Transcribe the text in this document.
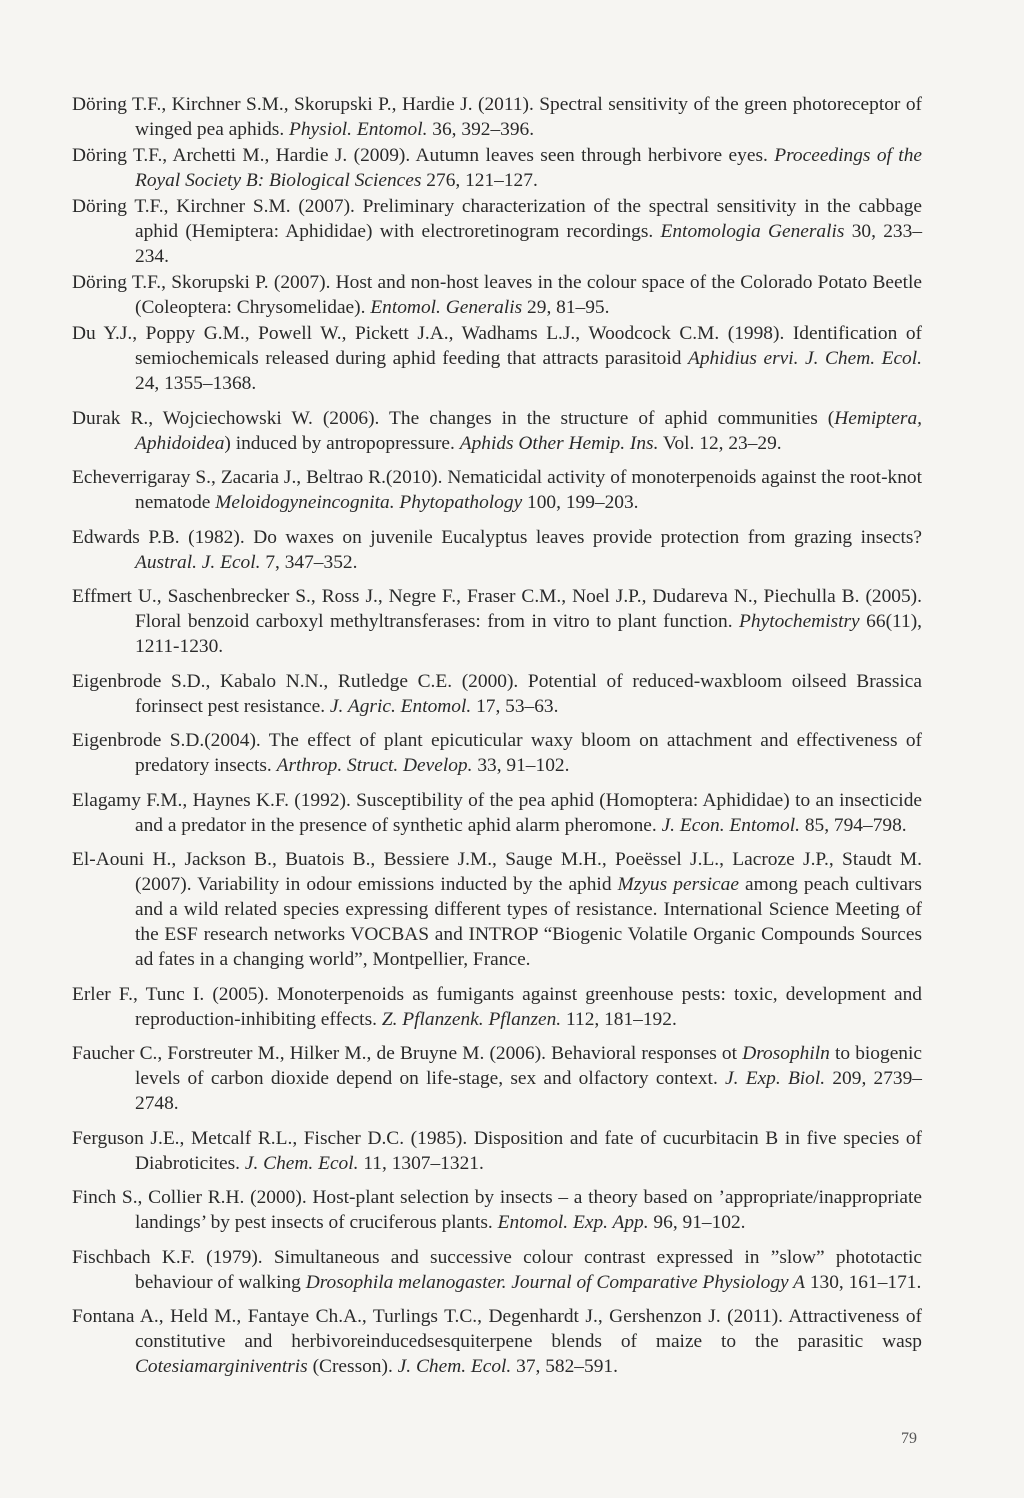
Döring T.F., Kirchner S.M., Skorupski P., Hardie J. (2011). Spectral sensitivity of the green photoreceptor of winged pea aphids. Physiol. Entomol. 36, 392–396.

Döring T.F., Archetti M., Hardie J. (2009). Autumn leaves seen through herbivore eyes. Proceedings of the Royal Society B: Biological Sciences 276, 121–127.

Döring T.F., Kirchner S.M. (2007). Preliminary characterization of the spectral sensitivity in the cabbage aphid (Hemiptera: Aphididae) with electroretinogram recordings. Entomologia Generalis 30, 233–234.

Döring T.F., Skorupski P. (2007). Host and non-host leaves in the colour space of the Colorado Potato Beetle (Coleoptera: Chrysomelidae). Entomol. Generalis 29, 81–95.

Du Y.J., Poppy G.M., Powell W., Pickett J.A., Wadhams L.J., Woodcock C.M. (1998). Identification of semiochemicals released during aphid feeding that attracts parasitoid Aphidius ervi. J. Chem. Ecol. 24, 1355–1368.

Durak R., Wojciechowski W. (2006). The changes in the structure of aphid communities (Hemiptera, Aphidoidea) induced by antropopressure. Aphids Other Hemip. Ins. Vol. 12, 23–29.

Echeverrigaray S., Zacaria J., Beltrao R.(2010). Nematicidal activity of monoterpenoids against the root-knot nematode Meloidogyneincognita. Phytopathology 100, 199–203.

Edwards P.B. (1982). Do waxes on juvenile Eucalyptus leaves provide protection from grazing insects? Austral. J. Ecol. 7, 347–352.

Effmert U., Saschenbrecker S., Ross J., Negre F., Fraser C.M., Noel J.P., Dudareva N., Piechulla B. (2005). Floral benzoid carboxyl methyltransferases: from in vitro to plant function. Phytochemistry 66(11), 1211-1230.

Eigenbrode S.D., Kabalo N.N., Rutledge C.E. (2000). Potential of reduced-waxbloom oilseed Brassica forinsect pest resistance. J. Agric. Entomol. 17, 53–63.

Eigenbrode S.D.(2004). The effect of plant epicuticular waxy bloom on attachment and effectiveness of predatory insects. Arthrop. Struct. Develop. 33, 91–102.

Elagamy F.M., Haynes K.F. (1992). Susceptibility of the pea aphid (Homoptera: Aphididae) to an insecticide and a predator in the presence of synthetic aphid alarm pheromone. J. Econ. Entomol. 85, 794–798.

El-Aouni H., Jackson B., Buatois B., Bessiere J.M., Sauge M.H., Poeëssel J.L., Lacroze J.P., Staudt M. (2007). Variability in odour emissions inducted by the aphid Mzyus persicae among peach cultivars and a wild related species expressing different types of resistance. International Science Meeting of the ESF research networks VOCBAS and INTROP “Biogenic Volatile Organic Compounds Sources ad fates in a changing world”, Montpellier, France.

Erler F., Tunc I. (2005). Monoterpenoids as fumigants against greenhouse pests: toxic, development and reproduction-inhibiting effects. Z. Pflanzenk. Pflanzen. 112, 181–192.

Faucher C., Forstreuter M., Hilker M., de Bruyne M. (2006). Behavioral responses ot Drosophiln to biogenic levels of carbon dioxide depend on life-stage, sex and olfactory context. J. Exp. Biol. 209, 2739–2748.

Ferguson J.E., Metcalf R.L., Fischer D.C. (1985). Disposition and fate of cucurbitacin B in five species of Diabroticites. J. Chem. Ecol. 11, 1307–1321.

Finch S., Collier R.H. (2000). Host-plant selection by insects – a theory based on ’appropriate/inappropriate landings’ by pest insects of cruciferous plants. Entomol. Exp. App. 96, 91–102.

Fischbach K.F. (1979). Simultaneous and successive colour contrast expressed in ”slow” phototactic behaviour of walking Drosophila melanogaster. Journal of Comparative Physiology A 130, 161–171.

Fontana A., Held M., Fantaye Ch.A., Turlings T.C., Degenhardt J., Gershenzon J. (2011). Attractiveness of constitutive and herbivoreinducedsesquiterpene blends of maize to the parasitic wasp Cotesiamarginiventris (Cresson). J. Chem. Ecol. 37, 582–591.

79
